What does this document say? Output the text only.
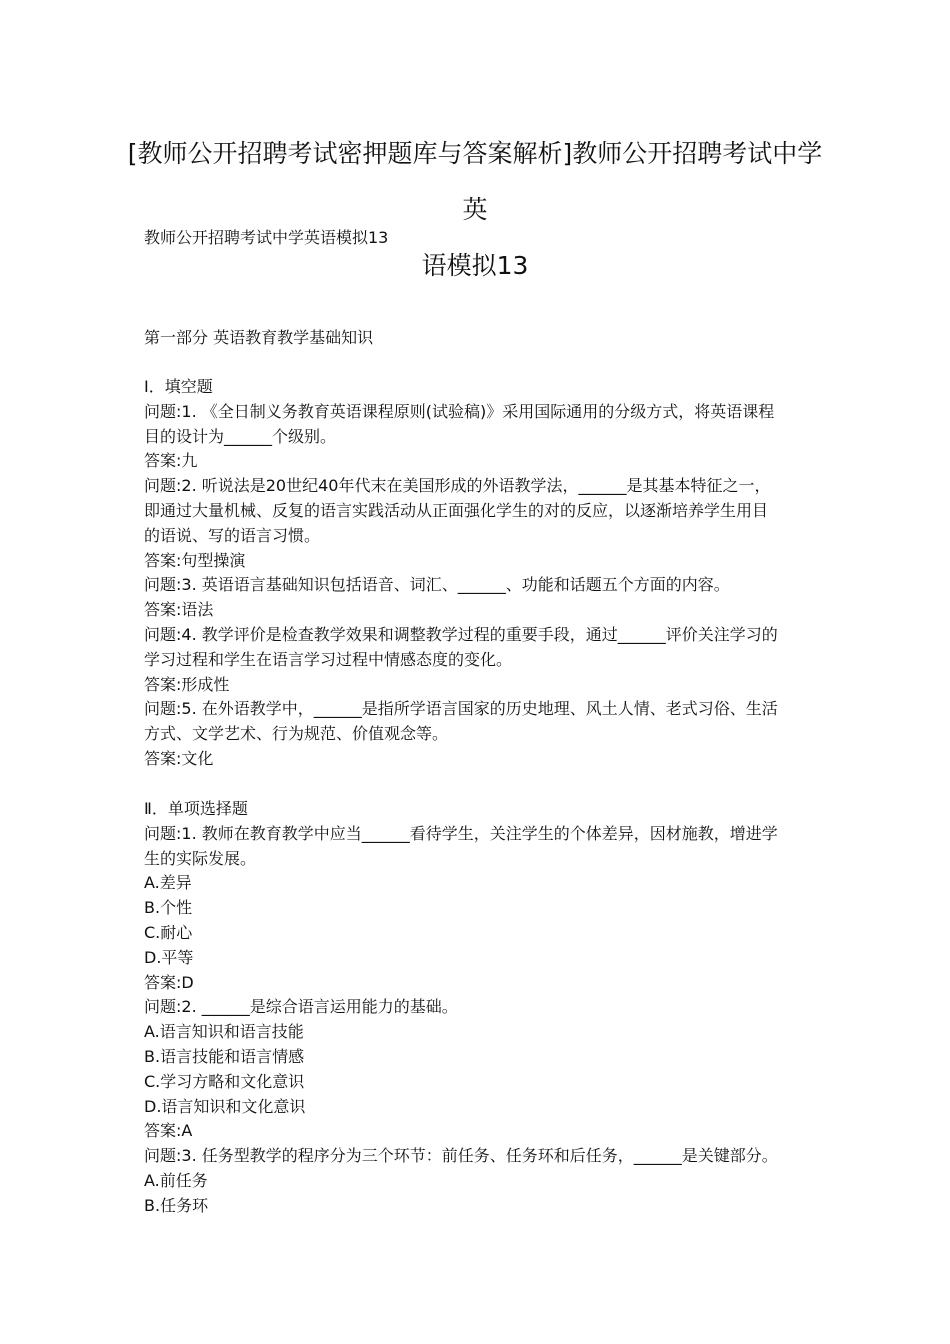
[教师公开招聘考试密押题库与答案解析]教师公开招聘考试中学英
语模拟13

教师公开招聘考试中学英语模拟13

第一部分 英语教育教学基础知识

Ⅰ．填空题
问题:1. 《全日制义务教育英语课程原则(试验稿)》采用国际通用的分级方式，将英语课程
目的设计为______个级别。
答案:九
问题:2. 听说法是20世纪40年代末在美国形成的外语教学法，______是其基本特征之一，
即通过大量机械、反复的语言实践活动从正面强化学生的对的反应，以逐渐培养学生用目
的语说、写的语言习惯。
答案:句型操演
问题:3. 英语语言基础知识包括语音、词汇、______、功能和话题五个方面的内容。
答案:语法
问题:4. 教学评价是检查教学效果和调整教学过程的重要手段，通过______评价关注学习的
学习过程和学生在语言学习过程中情感态度的变化。
答案:形成性
问题:5. 在外语教学中，______是指所学语言国家的历史地理、风土人情、老式习俗、生活
方式、文学艺术、行为规范、价值观念等。
答案:文化
Ⅱ．单项选择题
问题:1. 教师在教育教学中应当______看待学生，关注学生的个体差异，因材施教，增进学
生的实际发展。
A.差异
B.个性
C.耐心
D.平等
答案:D
问题:2. ______是综合语言运用能力的基础。
A.语言知识和语言技能
B.语言技能和语言情感
C.学习方略和文化意识
D.语言知识和文化意识
答案:A
问题:3. 任务型教学的程序分为三个环节：前任务、任务环和后任务，______是关键部分。
A.前任务
B.任务环
